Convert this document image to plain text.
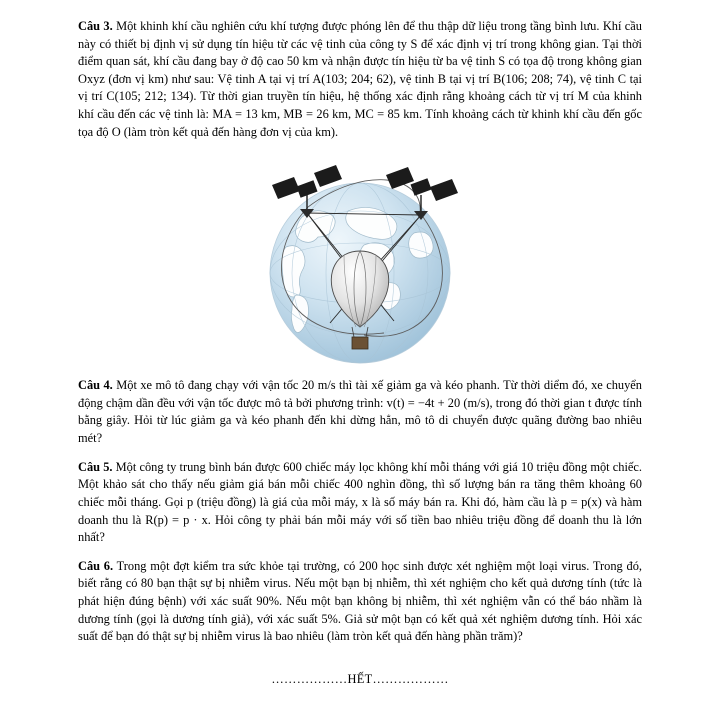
Câu 3. Một khinh khí cầu nghiên cứu khí tượng được phóng lên để thu thập dữ liệu trong tầng bình lưu. Khí cầu này có thiết bị định vị sử dụng tín hiệu từ các vệ tinh của công ty S để xác định vị trí trong không gian. Tại thời điểm quan sát, khí cầu đang bay ở độ cao 50 km và nhận được tín hiệu từ ba vệ tinh S có tọa độ trong không gian Oxyz (đơn vị km) như sau: Vệ tinh A tại vị trí A(103; 204; 62), vệ tinh B tại vị trí B(106; 208; 74), vệ tinh C tại vị trí C(105; 212; 134). Từ thời gian truyền tín hiệu, hệ thống xác định rằng khoảng cách từ vị trí M của khinh khí cầu đến các vệ tinh là: MA = 13 km, MB = 26 km, MC = 85 km. Tính khoảng cách từ khinh khí cầu đến gốc tọa độ O (làm tròn kết quả đến hàng đơn vị của km).

Câu 4. Một xe mô tô đang chạy với vận tốc 20 m/s thì tài xế giảm ga và kéo phanh. Từ thời diểm đó, xe chuyển động chậm dần đều với vận tốc được mô tả bởi phương trình: v(t) = −4t + 20 (m/s), trong đó thời gian t được tính bằng giây. Hỏi từ lúc giảm ga và kéo phanh đến khi dừng hẳn, mô tô di chuyển được quãng đường bao nhiêu mét?

Câu 5. Một công ty trung bình bán được 600 chiếc máy lọc không khí mỗi tháng với giá 10 triệu đồng một chiếc. Một khảo sát cho thấy nếu giảm giá bán mỗi chiếc 400 nghìn đồng, thì số lượng bán ra tăng thêm khoảng 60 chiếc mỗi tháng. Gọi p (triệu đồng) là giá của mỗi máy, x là số máy bán ra. Khi đó, hàm cầu là p = p(x) và hàm doanh thu là R(p) = p · x. Hỏi công ty phải bán mỗi máy với số tiền bao nhiêu triệu đồng để doanh thu là lớn nhất?

Câu 6. Trong một đợt kiểm tra sức khỏe tại trường, có 200 học sinh được xét nghiệm một loại virus. Trong đó, biết rằng có 80 bạn thật sự bị nhiễm virus. Nếu một bạn bị nhiễm, thì xét nghiệm cho kết quả dương tính (tức là phát hiện đúng bệnh) với xác suất 90%. Nếu một bạn không bị nhiễm, thì xét nghiệm vẫn có thể báo nhầm là dương tính (gọi là dương tính giả), với xác suất 5%. Giả sử một bạn có kết quả xét nghiệm dương tính. Hỏi xác suất để bạn đó thật sự bị nhiễm virus là bao nhiêu (làm tròn kết quả đến hàng phần trăm)?

………………HẾT………………
